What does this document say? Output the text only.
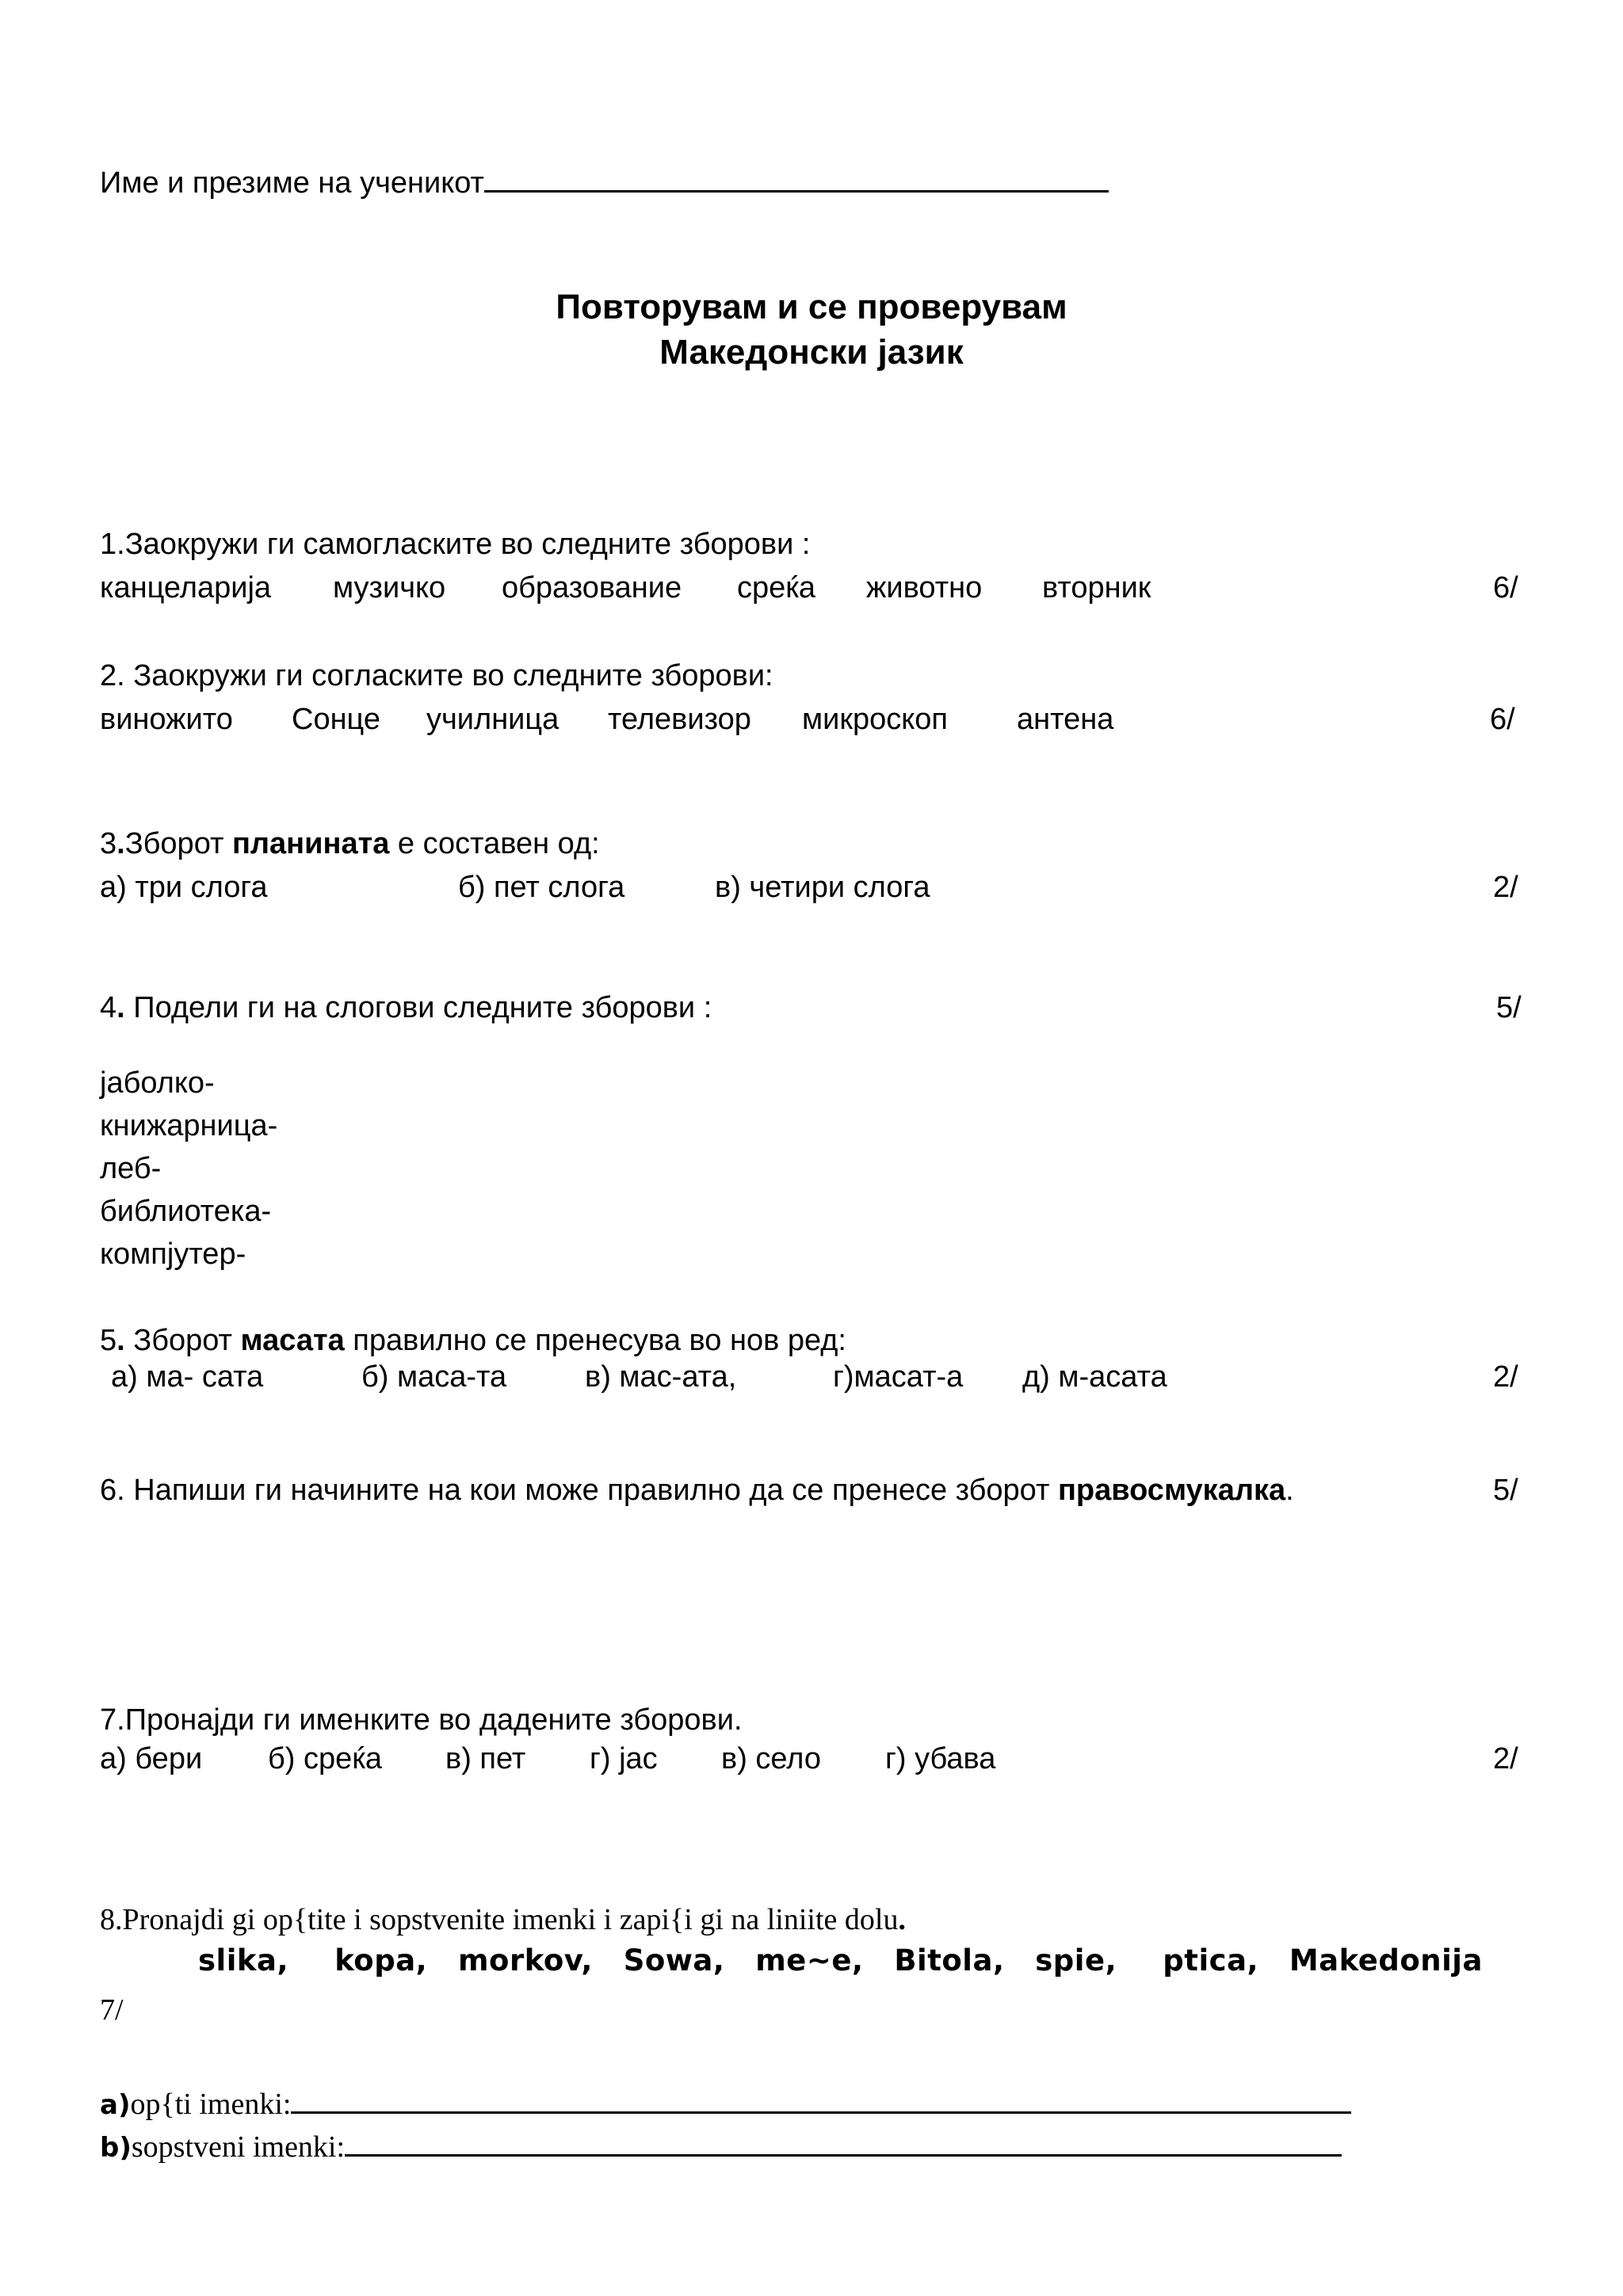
Име и презиме на ученикот
Повторувам и се проверувам
Македонски јазик
1.Заокружи ги самогласките во следните зборови :
канцеларија музичко образование среќа животно вторник	6/
2. Заокружи ги согласките во следните зборови:
виножито Сонце училница телевизор микроскоп антена	6/
3.Зборот планината е составен од:
а) три слога	б) пет слога	в) четири слога	2/
4. Подели ги на слогови следните зборови :	5/
јаболко-
книжарница-
леб-
библиотека-
компјутер-
5. Зборот масата правилно се пренесува во нов ред:
а) ма- сата	б) маса-та	в) мас-ата,	г)масат-а д) м-асата	2/
6. Напиши ги начините на кои може правилно да се пренесе зборот правосмукалка.	5/
7.Пронајди ги именките во дадените зборови.
а) бери б) среќа в) пет г) јас в) село г) убава	2/
8.Pronajdi gi op{tite i sopstvenite imenki i zapi{i gi na liniite dolu.
slika, kopa, morkov, Sowa, me~e, Bitola, spie, ptica, Makedonija
7/
a)op{ti imenki:
b)sopstveni imenki:
